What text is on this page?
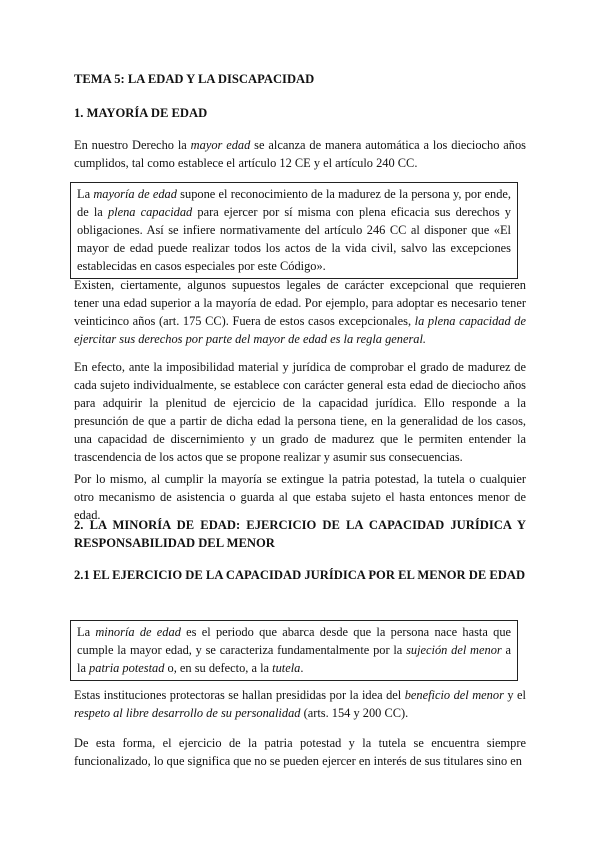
TEMA 5: LA EDAD Y LA DISCAPACIDAD
1. MAYORÍA DE EDAD

En nuestro Derecho la mayor edad se alcanza de manera automática a los dieciocho años cumplidos, tal como establece el artículo 12 CE y el artículo 240 CC.

La mayoría de edad supone el reconocimiento de la madurez de la persona y, por ende, de la plena capacidad para ejercer por sí misma con plena eficacia sus derechos y obligaciones. Así se infiere normativamente del artículo 246 CC al disponer que «El mayor de edad puede realizar todos los actos de la vida civil, salvo las excepciones establecidas en casos especiales por este Código».

Existen, ciertamente, algunos supuestos legales de carácter excepcional que requieren tener una edad superior a la mayoría de edad. Por ejemplo, para adoptar es necesario tener veinticinco años (art. 175 CC). Fuera de estos casos excepcionales, la plena capacidad de ejercitar sus derechos por parte del mayor de edad es la regla general.

En efecto, ante la imposibilidad material y jurídica de comprobar el grado de madurez de cada sujeto individualmente, se establece con carácter general esta edad de dieciocho años para adquirir la plenitud de ejercicio de la capacidad jurídica. Ello responde a la presunción de que a partir de dicha edad la persona tiene, en la generalidad de los casos, una capacidad de discernimiento y un grado de madurez que le permiten entender la trascendencia de los actos que se propone realizar y asumir sus consecuencias.

Por lo mismo, al cumplir la mayoría se extingue la patria potestad, la tutela o cualquier otro mecanismo de asistencia o guarda al que estaba sujeto el hasta entonces menor de edad.

2. LA MINORÍA DE EDAD: EJERCICIO DE LA CAPACIDAD JURÍDICA Y RESPONSABILIDAD DEL MENOR
2.1 EL EJERCICIO DE LA CAPACIDAD JURÍDICA POR EL MENOR DE EDAD

La minoría de edad es el periodo que abarca desde que la persona nace hasta que cumple la mayor edad, y se caracteriza fundamentalmente por la sujeción del menor a la patria potestad o, en su defecto, a la tutela.

Estas instituciones protectoras se hallan presididas por la idea del beneficio del menor y el respeto al libre desarrollo de su personalidad (arts. 154 y 200 CC).

De esta forma, el ejercicio de la patria potestad y la tutela se encuentra siempre funcionalizado, lo que significa que no se pueden ejercer en interés de sus titulares sino en
